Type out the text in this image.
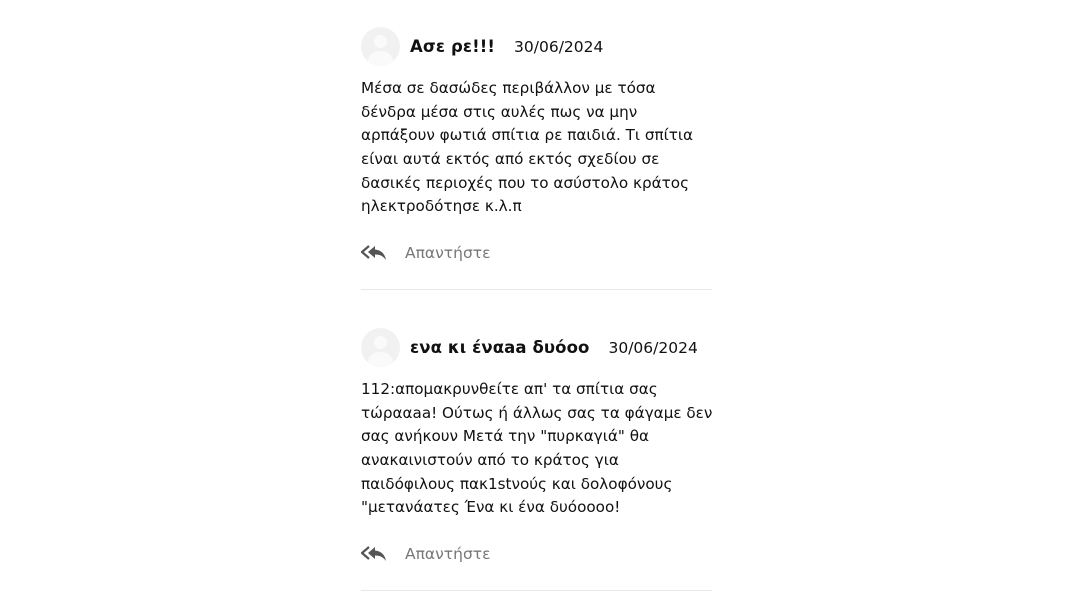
Ασε ρε!!! 30/06/2024
Μέσα σε δασώδες περιβάλλον με τόσα
δένδρα μέσα στις αυλές πως να μην
αρπάξουν φωτιά σπίτια ρε παιδιά. Τι σπίτια
είναι αυτά εκτός από εκτός σχεδίου σε
δασικές περιοχές που το ασύστολο κράτος
ηλεκτροδότησε κ.λ.π
Απαντήστε
ενα κι έναaa δυόοο 30/06/2024
112:απομακρυνθείτε απ' τα σπίτια σας
τώρααaa! Ούτως ή άλλως σας τα φάγαμε δεν
σας ανήκουν Μετά την "πυρκαγιά" θα
ανακαινιστούν από το κράτος για
παιδόφιλους πακ1stνούς και δολοφόνους
"μετανάατες Ένα κι ένα δυόoooo!
Απαντήστε
